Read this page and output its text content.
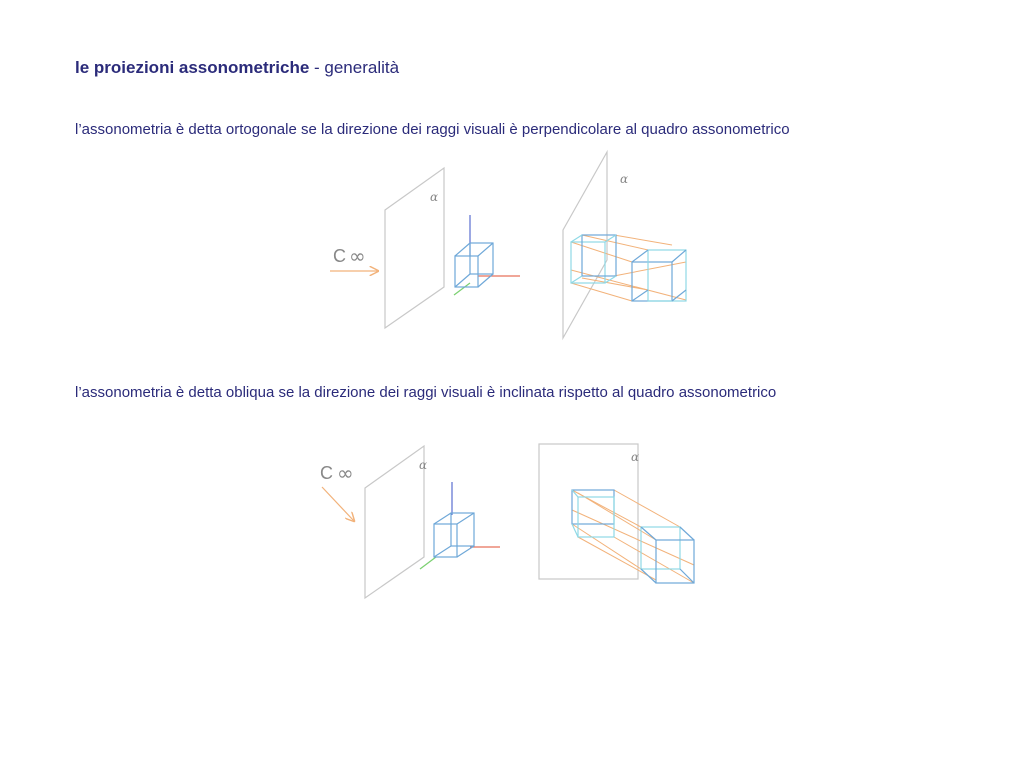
le proiezioni assonometriche - generalità
l’assonometria è detta ortogonale se la direzione dei raggi visuali è perpendicolare al quadro assonometrico
l’assonometria è detta obliqua se la direzione dei raggi visuali è inclinata rispetto al quadro assonometrico
C ∞
α
α
C ∞	α
α
